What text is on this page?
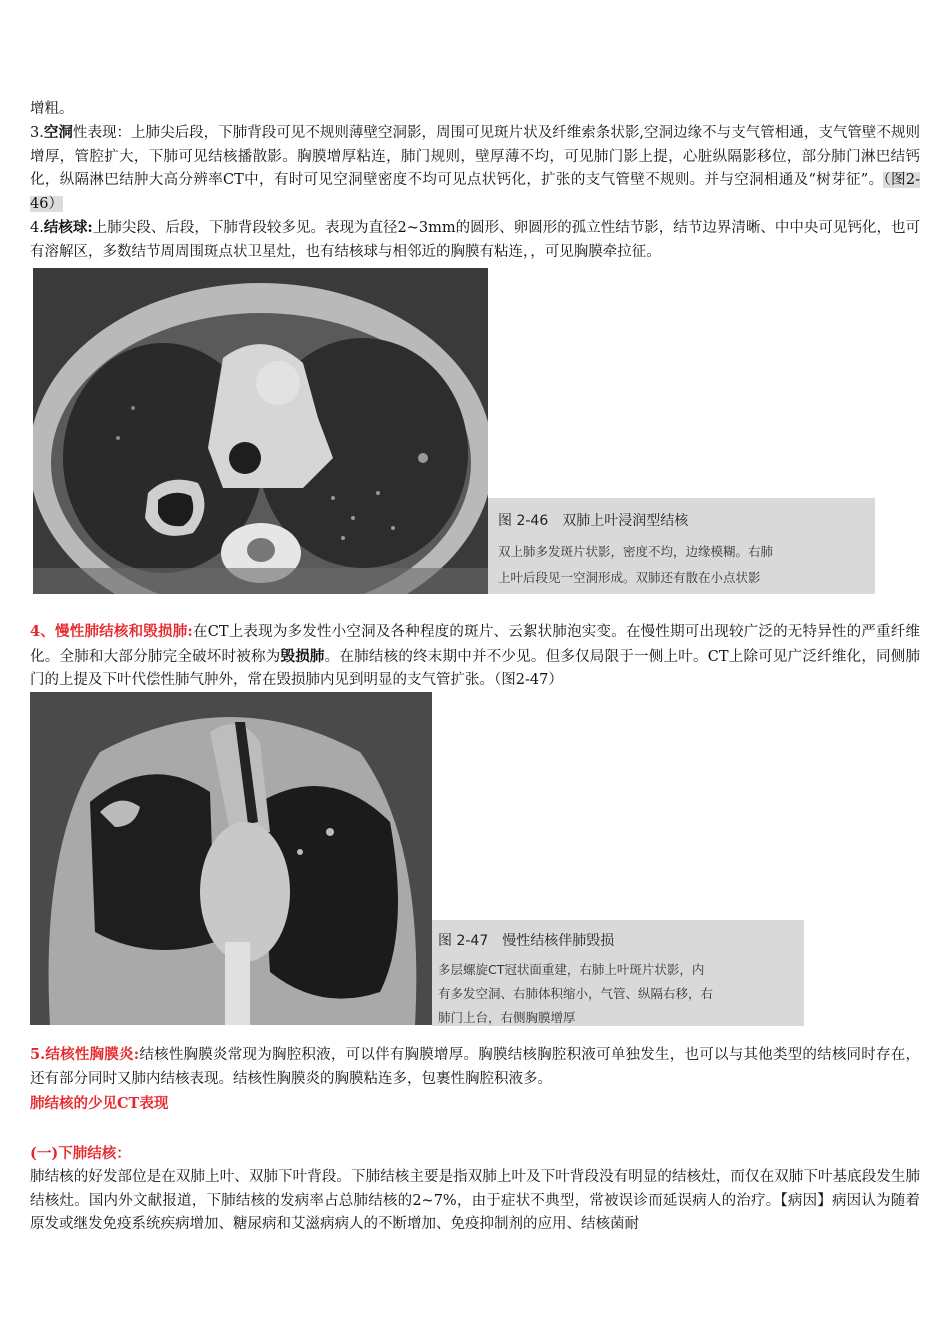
增粗。
3.空洞性表现：上肺尖后段，下肺背段可见不规则薄壁空洞影，周围可见斑片状及纤维索条状影,空洞边缘不与支气管相通，支气管壁不规则增厚，管腔扩大，下肺可见结核播散影。胸膜增厚粘连，肺门规则，壁厚薄不均，可见肺门影上提，心脏纵隔影移位，部分肺门淋巴结钙化，纵隔淋巴结肿大高分辨率CT中，有时可见空洞壁密度不均可见点状钙化，扩张的支气管壁不规则。并与空洞相通及“树芽征”。（图2-46）
4.结核球:上肺尖段、后段，下肺背段较多见。表现为直径2~3mm的圆形、卵圆形的孤立性结节影，结节边界清晰、中中央可见钙化，也可有溶解区，多数结节周周围斑点状卫星灶，也有结核球与相邻近的胸膜有粘连，，可见胸膜牵拉征。
图 2-46　双肺上叶浸润型结核
双上肺多发斑片状影，密度不均，边缘模糊。右肺
上叶后段见一空洞形成。双肺还有散在小点状影
4、慢性肺结核和毁损肺:在CT上表现为多发性小空洞及各种程度的斑片、云絮状肺泡实变。在慢性期可出现较广泛的无特异性的严重纤维化。全肺和大部分肺完全破坏时被称为毁损肺。在肺结核的终末期中并不少见。但多仅局限于一侧上叶。CT上除可见广泛纤维化，同侧肺门的上提及下叶代偿性肺气肿外，常在毁损肺内见到明显的支气管扩张。（图2-47）
图 2-47　慢性结核伴肺毁损
多层螺旋CT冠状面重建，右肺上叶斑片状影，内
有多发空洞、右肺体积缩小，气管、纵隔右移，右
肺门上台，右侧胸膜增厚
5.结核性胸膜炎:结核性胸膜炎常现为胸腔积液，可以伴有胸膜增厚。胸膜结核胸腔积液可单独发生，也可以与其他类型的结核同时存在，还有部分同时又肺内结核表现。结核性胸膜炎的胸膜粘连多，包裹性胸腔积液多。
肺结核的少见CT表现
(一)下肺结核：
肺结核的好发部位是在双肺上叶、双肺下叶背段。下肺结核主要是指双肺上叶及下叶背段没有明显的结核灶，而仅在双肺下叶基底段发生肺结核灶。国内外文献报道，下肺结核的发病率占总肺结核的2~7%，由于症状不典型，常被误诊而延误病人的治疗。【病因】病因认为随着原发或继发免疫系统疾病增加、糖尿病和艾滋病病人的不断增加、免疫抑制剂的应用、结核菌耐
